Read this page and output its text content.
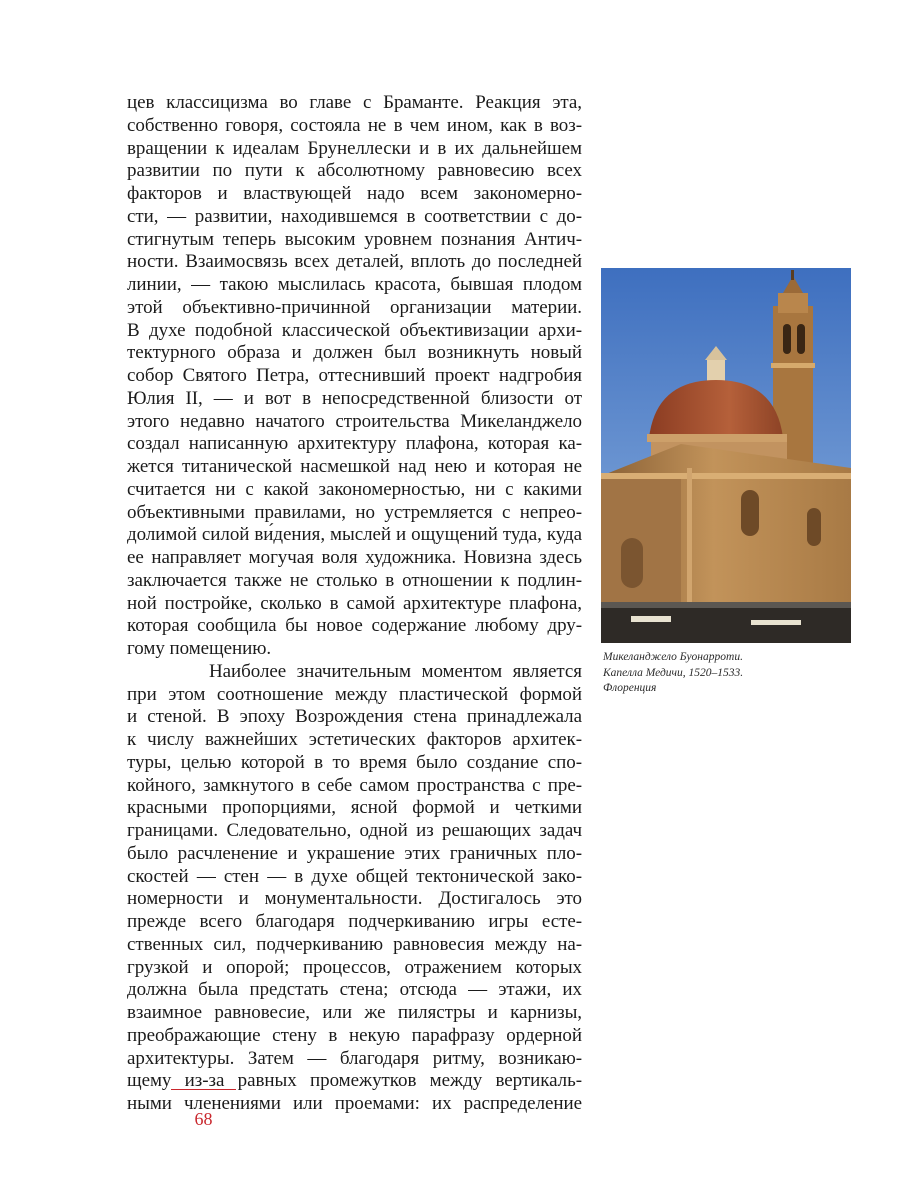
цев классицизма во главе с Браманте. Реакция эта,
собственно говоря, состояла не в чем ином, как в воз-
вращении к идеалам Брунеллески и в их дальнейшем
развитии по пути к абсолютному равновесию всех
факторов и властвующей надо всем закономерно-
сти, — развитии, находившемся в соответствии с до-
стигнутым теперь высоким уровнем познания Антич-
ности. Взаимосвязь всех деталей, вплоть до последней
линии, — такою мыслилась красота, бывшая плодом
этой объективно-причинной организации материи.
В духе подобной классической объективизации архи-
тектурного образа и должен был возникнуть новый
собор Святого Петра, оттеснивший проект надгробия
Юлия II, — и вот в непосредственной близости от
этого недавно начатого строительства Микеланджело
создал написанную архитектуру плафона, которая ка-
жется титанической насмешкой над нею и которая не
считается ни с какой закономерностью, ни с какими
объективными правилами, но устремляется с непрео-
долимой силой ви́дения, мыслей и ощущений туда, куда
ее направляет могучая воля художника. Новизна здесь
заключается также не столько в отношении к подлин-
ной постройке, сколько в самой архитектуре плафона,
которая сообщила бы новое содержание любому дру-
гому помещению.
Наиболее значительным моментом является
при этом соотношение между пластической формой
и стеной. В эпоху Возрождения стена принадлежала
к числу важнейших эстетических факторов архитек-
туры, целью которой в то время было создание спо-
койного, замкнутого в себе самом пространства с пре-
красными пропорциями, ясной формой и четкими
границами. Следовательно, одной из решающих задач
было расчленение и украшение этих граничных пло-
скостей — стен — в духе общей тектонической зако-
номерности и монументальности. Достигалось это
прежде всего благодаря подчеркиванию игры есте-
ственных сил, подчеркиванию равновесия между на-
грузкой и опорой; процессов, отражением которых
должна была предстать стена; отсюда — этажи, их
взаимное равновесие, или же пилястры и карнизы,
преображающие стену в некую парафразу ордерной
архитектуры. Затем — благодаря ритму, возникаю-
щему из-за равных промежутков между вертикаль-
ными членениями или проемами: их распределение
Микеланджело Буонарроти.
Капелла Медичи, 1520–1533.
Флоренция
68
